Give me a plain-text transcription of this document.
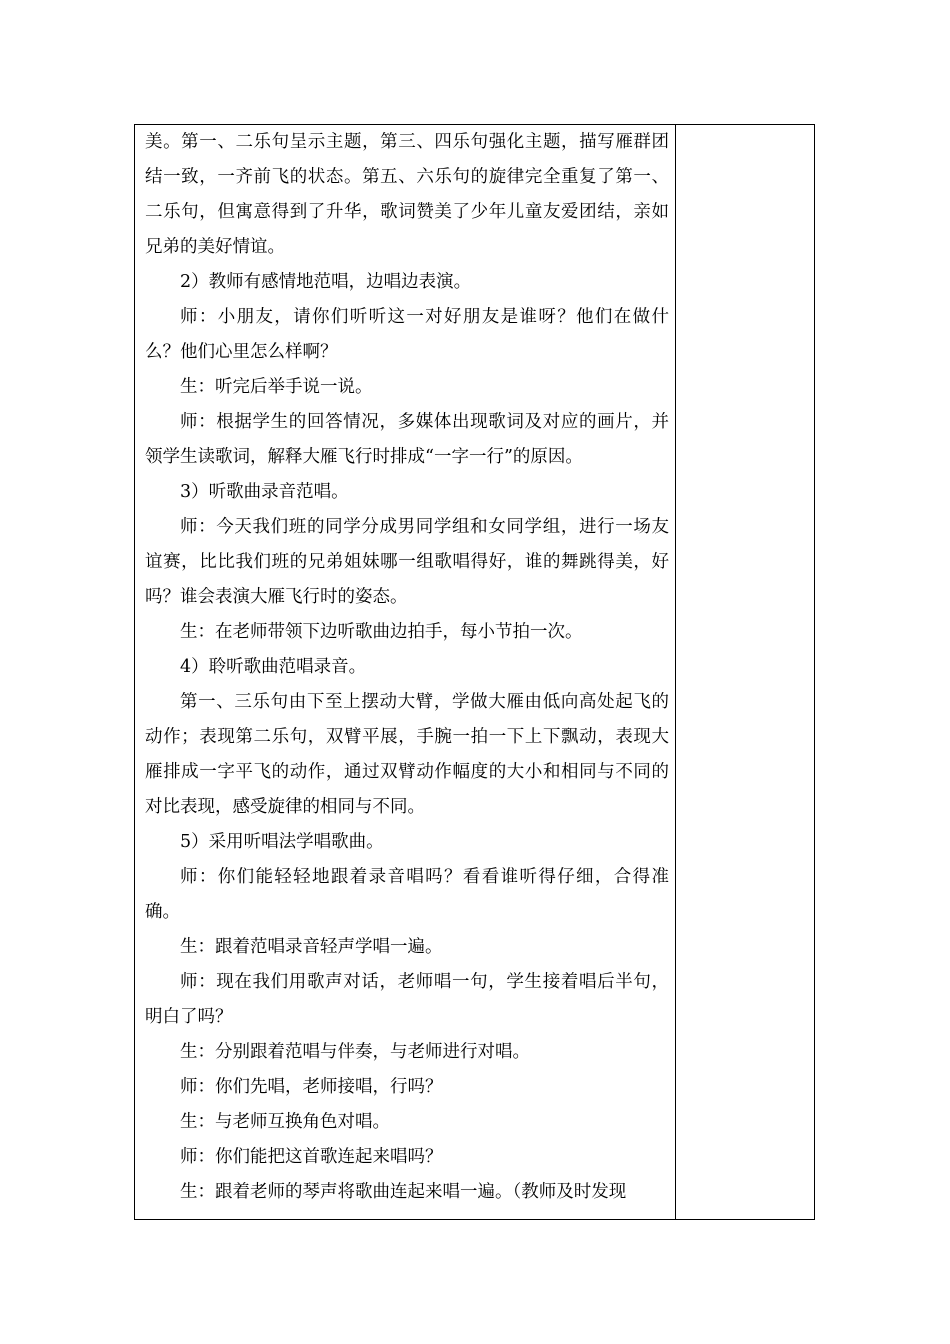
美。第一、二乐句呈示主题，第三、四乐句强化主题，描写雁群团结一致，一齐前飞的状态。第五、六乐句的旋律完全重复了第一、二乐句，但寓意得到了升华，歌词赞美了少年儿童友爱团结，亲如兄弟的美好情谊。

2）教师有感情地范唱，边唱边表演。

师：小朋友，请你们听听这一对好朋友是谁呀？他们在做什么？他们心里怎么样啊？

生：听完后举手说一说。

师：根据学生的回答情况，多媒体出现歌词及对应的画片，并领学生读歌词，解释大雁飞行时排成“一字一行”的原因。

3）听歌曲录音范唱。

师：今天我们班的同学分成男同学组和女同学组，进行一场友谊赛，比比我们班的兄弟姐妹哪一组歌唱得好，谁的舞跳得美，好吗？谁会表演大雁飞行时的姿态。

生：在老师带领下边听歌曲边拍手，每小节拍一次。

4）聆听歌曲范唱录音。

第一、三乐句由下至上摆动大臂，学做大雁由低向高处起飞的动作；表现第二乐句，双臂平展，手腕一拍一下上下飘动，表现大雁排成一字平飞的动作，通过双臂动作幅度的大小和相同与不同的对比表现，感受旋律的相同与不同。

5）采用听唱法学唱歌曲。

师：你们能轻轻地跟着录音唱吗？看看谁听得仔细，合得准确。

生：跟着范唱录音轻声学唱一遍。

师：现在我们用歌声对话，老师唱一句，学生接着唱后半句，明白了吗？

生：分别跟着范唱与伴奏，与老师进行对唱。

师：你们先唱，老师接唱，行吗？

生：与老师互换角色对唱。

师：你们能把这首歌连起来唱吗？

生：跟着老师的琴声将歌曲连起来唱一遍。（教师及时发现
